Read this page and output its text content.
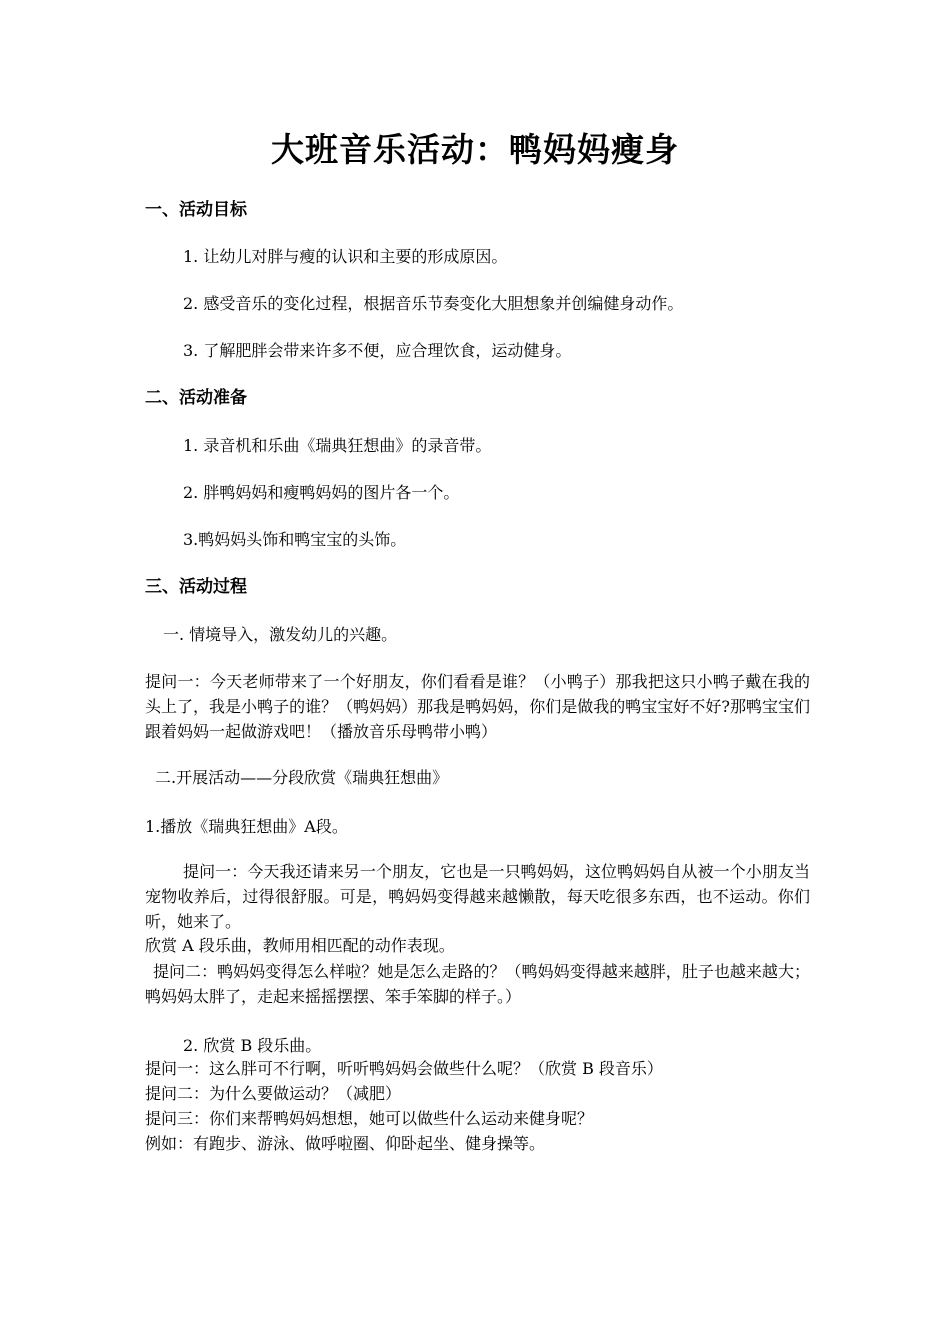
大班音乐活动：鸭妈妈瘦身
一、活动目标
1. 让幼儿对胖与瘦的认识和主要的形成原因。
2. 感受音乐的变化过程，根据音乐节奏变化大胆想象并创编健身动作。
3. 了解肥胖会带来许多不便，应合理饮食，运动健身。
二、活动准备
1. 录音机和乐曲《瑞典狂想曲》的录音带。
2. 胖鸭妈妈和瘦鸭妈妈的图片各一个。
3.鸭妈妈头饰和鸭宝宝的头饰。
三、活动过程
一. 情境导入，激发幼儿的兴趣。
提问一：今天老师带来了一个好朋友，你们看看是谁？（小鸭子）那我把这只小鸭子戴在我的头上了，我是小鸭子的谁？（鸭妈妈）那我是鸭妈妈，你们是做我的鸭宝宝好不好?那鸭宝宝们跟着妈妈一起做游戏吧！（播放音乐母鸭带小鸭）
二.开展活动——分段欣赏《瑞典狂想曲》
1.播放《瑞典狂想曲》A段。
提问一：今天我还请来另一个朋友，它也是一只鸭妈妈，这位鸭妈妈自从被一个小朋友当宠物收养后，过得很舒服。可是，鸭妈妈变得越来越懒散，每天吃很多东西，也不运动。你们听，她来了。
欣赏 A 段乐曲，教师用相匹配的动作表现。
提问二：鸭妈妈变得怎么样啦？她是怎么走路的？（鸭妈妈变得越来越胖，肚子也越来越大；鸭妈妈太胖了，走起来摇摇摆摆、笨手笨脚的样子。）
2. 欣赏 B 段乐曲。
提问一：这么胖可不行啊，听听鸭妈妈会做些什么呢？（欣赏 B 段音乐）
提问二：为什么要做运动？（减肥）
提问三：你们来帮鸭妈妈想想，她可以做些什么运动来健身呢？
例如：有跑步、游泳、做呼啦圈、仰卧起坐、健身操等。
